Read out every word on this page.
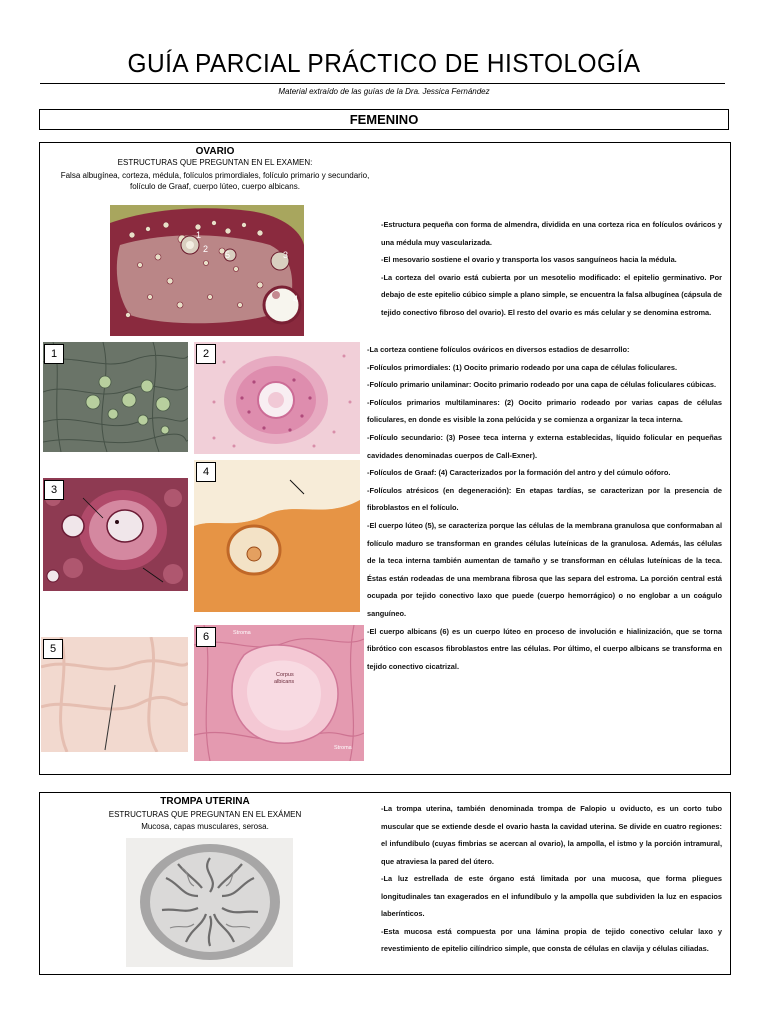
GUÍA PARCIAL PRÁCTICO DE HISTOLOGÍA
Material extraído de las guías de la Dra. Jessica Fernández
FEMENINO
OVARIO
ESTRUCTURAS QUE PREGUNTAN EN EL EXAMEN:
Falsa albugínea, corteza, médula, folículos primordiales, folículo primario y secundario,
folículo de Graaf, cuerpo lúteo, cuerpo albicans.
1
2
5	3
4
1	2
3
4
5
6	Stroma
Corpus
albicans
Stroma

-Estructura pequeña con forma de almendra, dividida en una corteza rica en folículos ováricos y una médula muy vascularizada.

-El mesovario sostiene el ovario y transporta los vasos sanguíneos hacia la médula.

-La corteza del ovario está cubierta por un mesotelio modificado: el epitelio germinativo. Por debajo de este epitelio cúbico simple a plano simple, se encuentra la falsa albugínea (cápsula de tejido conectivo fibroso del ovario). El resto del ovario es más celular y se denomina estroma.

-La corteza contiene folículos ováricos en diversos estadios de desarrollo:

-Folículos primordiales: (1) Oocito primario rodeado por una capa de células foliculares.

-Folículo primario unilaminar: Oocito primario rodeado por una capa de células foliculares cúbicas.

-Folículos primarios multilaminares: (2) Oocito primario rodeado por varias capas de células foliculares, en donde es visible la zona pelúcida y se comienza a organizar la teca interna.

-Folículo secundario: (3) Posee teca interna y externa establecidas, líquido folicular en pequeñas cavidades denominadas cuerpos de Call-Exner).

-Folículos de Graaf: (4) Caracterizados por la formación del antro y del cúmulo oóforo.

-Folículos atrésicos (en degeneración): En etapas tardías, se caracterizan por la presencia de fibroblastos en el folículo.

-El cuerpo lúteo (5), se caracteriza porque las células de la membrana granulosa que conformaban al folículo maduro se transforman en grandes células luteínicas de la granulosa. Además, las células de la teca interna también aumentan de tamaño y se transforman en células luteínicas de la teca. Éstas están rodeadas de una membrana fibrosa que las separa del estroma. La porción central está ocupada por tejido conectivo laxo que puede (cuerpo hemorrágico) o no englobar a un coágulo sanguíneo.

-El cuerpo albicans (6) es un cuerpo lúteo en proceso de involución e hialinización, que se torna fibrótico con escasos fibroblastos entre las células. Por último, el cuerpo albicans se transforma en tejido conectivo cicatrizal.

TROMPA UTERINA
ESTRUCTURAS QUE PREGUNTAN EN EL EXÁMEN
Mucosa, capas musculares, serosa.

-La trompa uterina, también denominada trompa de Falopio u oviducto, es un corto tubo muscular que se extiende desde el ovario hasta la cavidad uterina. Se divide en cuatro regiones: el infundíbulo (cuyas fimbrias se acercan al ovario), la ampolla, el istmo y la porción intramural, que atraviesa la pared del útero.

-La luz estrellada de este órgano está limitada por una mucosa, que forma pliegues longitudinales tan exagerados en el infundíbulo y la ampolla que subdividen la luz en espacios laberínticos.

-Esta mucosa está compuesta por una lámina propia de tejido conectivo celular laxo y revestimiento de epitelio cilíndrico simple, que consta de células en clavija y células ciliadas.
